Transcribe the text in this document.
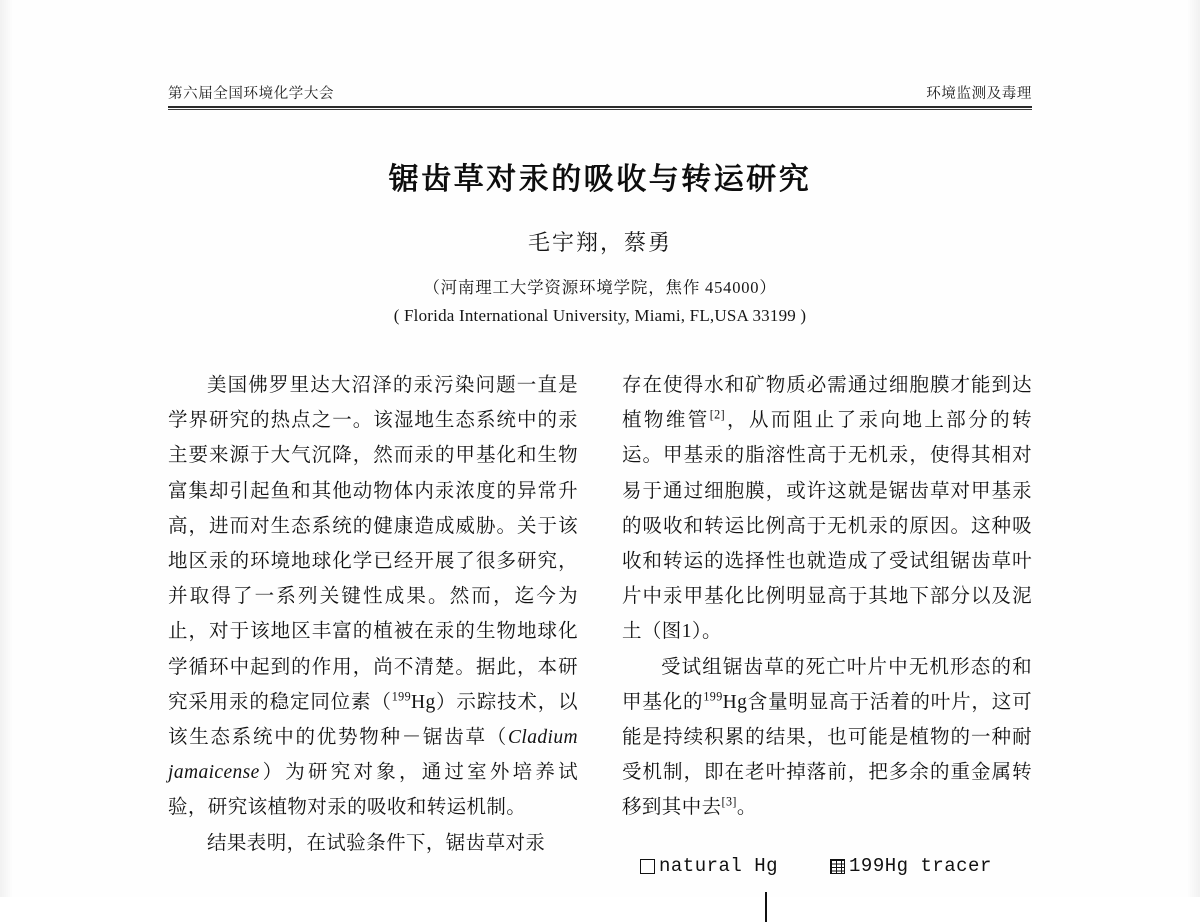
第六届全国环境化学大会	环境监测及毒理
锯齿草对汞的吸收与转运研究
毛宇翔，蔡勇
（河南理工大学资源环境学院，焦作 454000）
( Florida International University, Miami, FL,USA 33199 )

美国佛罗里达大沼泽的汞污染问题一直是学界研究的热点之一。该湿地生态系统中的汞主要来源于大气沉降，然而汞的甲基化和生物富集却引起鱼和其他动物体内汞浓度的异常升高，进而对生态系统的健康造成威胁。关于该地区汞的环境地球化学已经开展了很多研究，并取得了一系列关键性成果。然而，迄今为止，对于该地区丰富的植被在汞的生物地球化学循环中起到的作用，尚不清楚。据此，本研究采用汞的稳定同位素（$^{199}$Hg）示踪技术，以该生态系统中的优势物种－锯齿草（Cladium jamaicense）为研究对象，通过室外培养试验，研究该植物对汞的吸收和转运机制。

结果表明，在试验条件下，锯齿草对汞

存在使得水和矿物质必需通过细胞膜才能到达植物维管[2]，从而阻止了汞向地上部分的转运。甲基汞的脂溶性高于无机汞，使得其相对易于通过细胞膜，或许这就是锯齿草对甲基汞的吸收和转运比例高于无机汞的原因。这种吸收和转运的选择性也就造成了受试组锯齿草叶片中汞甲基化比例明显高于其地下部分以及泥土（图1）。

受试组锯齿草的死亡叶片中无机形态的和甲基化的$^{199}$Hg含量明显高于活着的叶片，这可能是持续积累的结果，也可能是植物的一种耐受机制，即在老叶掉落前，把多余的重金属转移到其中去[3]。

natural Hg	199Hg tracer
